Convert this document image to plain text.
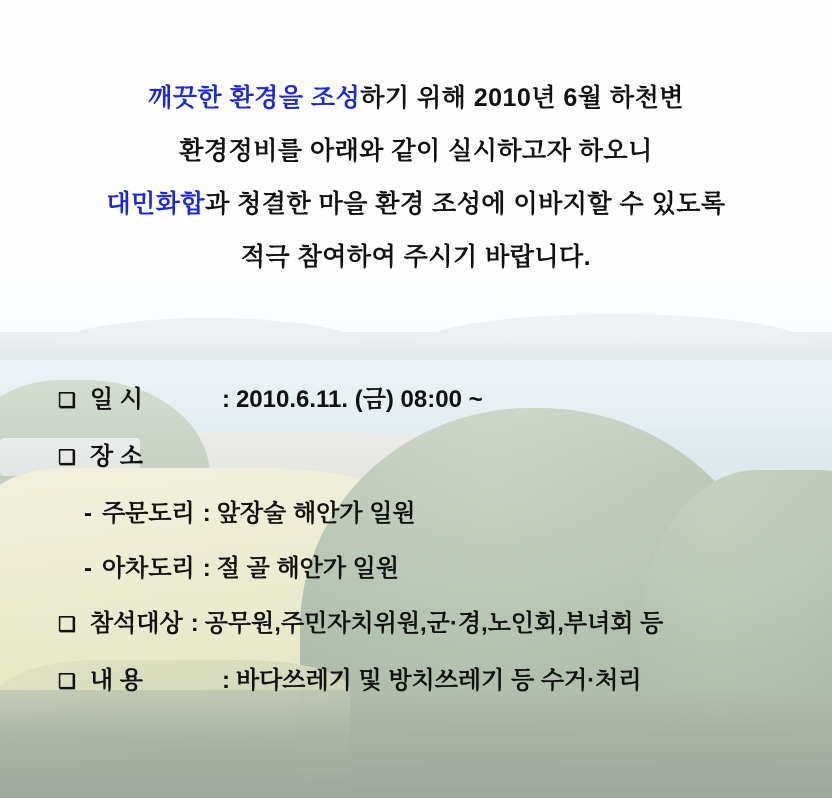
깨끗한 환경을 조성하기 위해 2010년 6월 하천변
환경정비를 아래와 같이 실시하고자 하오니
대민화합과 청결한 마을 환경 조성에 이바지할 수 있도록
적극 참여하여 주시기 바랍니다.
❏ 일 시	: 2010.6.11. (금) 08:00 ~
❏ 장 소
- 주문도리 : 앞장술 해안가 일원
- 아차도리 : 절 골 해안가 일원
❏ 참석대상 : 공무원,주민자치위원,군·경,노인회,부녀회 등
❏ 내 용	: 바다쓰레기 및 방치쓰레기 등 수거·처리
